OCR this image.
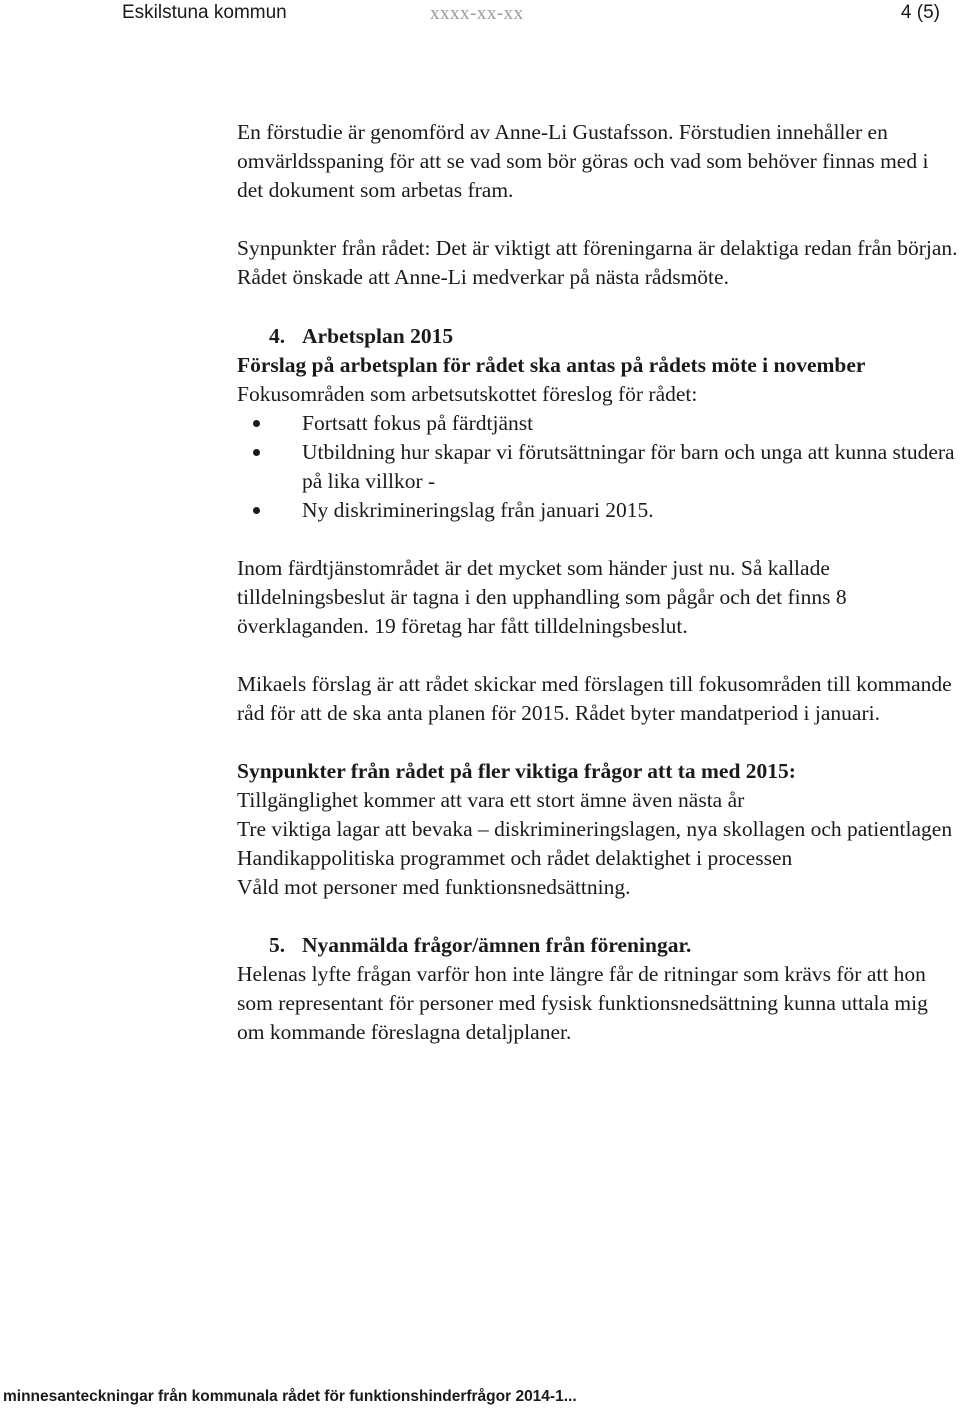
Eskilstuna kommun	xxxx-xx-xx	4 (5)

En förstudie är genomförd av Anne-Li Gustafsson. Förstudien innehåller en omvärldsspaning för att se vad som bör göras och vad som behöver finnas med i det dokument som arbetas fram.

Synpunkter från rådet: Det är viktigt att föreningarna är delaktiga redan från början. Rådet önskade att Anne-Li medverkar på nästa rådsmöte.

4. Arbetsplan 2015

Förslag på arbetsplan för rådet ska antas på rådets möte i november

Fokusområden som arbetsutskottet föreslog för rådet:

Fortsatt fokus på färdtjänst
Utbildning hur skapar vi förutsättningar för barn och unga att kunna studera på lika villkor -
Ny diskrimineringslag från januari 2015.

Inom färdtjänstområdet är det mycket som händer just nu. Så kallade tilldelningsbeslut är tagna i den upphandling som pågår och det finns 8 överklaganden. 19 företag har fått tilldelningsbeslut.

Mikaels förslag är att rådet skickar med förslagen till fokusområden till kommande råd för att de ska anta planen för 2015. Rådet byter mandatperiod i januari.

Synpunkter från rådet på fler viktiga frågor att ta med 2015:

Tillgänglighet kommer att vara ett stort ämne även nästa år

Tre viktiga lagar att bevaka – diskrimineringslagen, nya skollagen och patientlagen

Handikappolitiska programmet och rådet delaktighet i processen

Våld mot personer med funktionsnedsättning.

5. Nyanmälda frågor/ämnen från föreningar.

Helenas lyfte frågan varför hon inte längre får de ritningar som krävs för att hon som representant för personer med fysisk funktionsnedsättning kunna uttala mig om kommande föreslagna detaljplaner.

minnesanteckningar från kommunala rådet för funktionshinderfrågor 2014-1...
